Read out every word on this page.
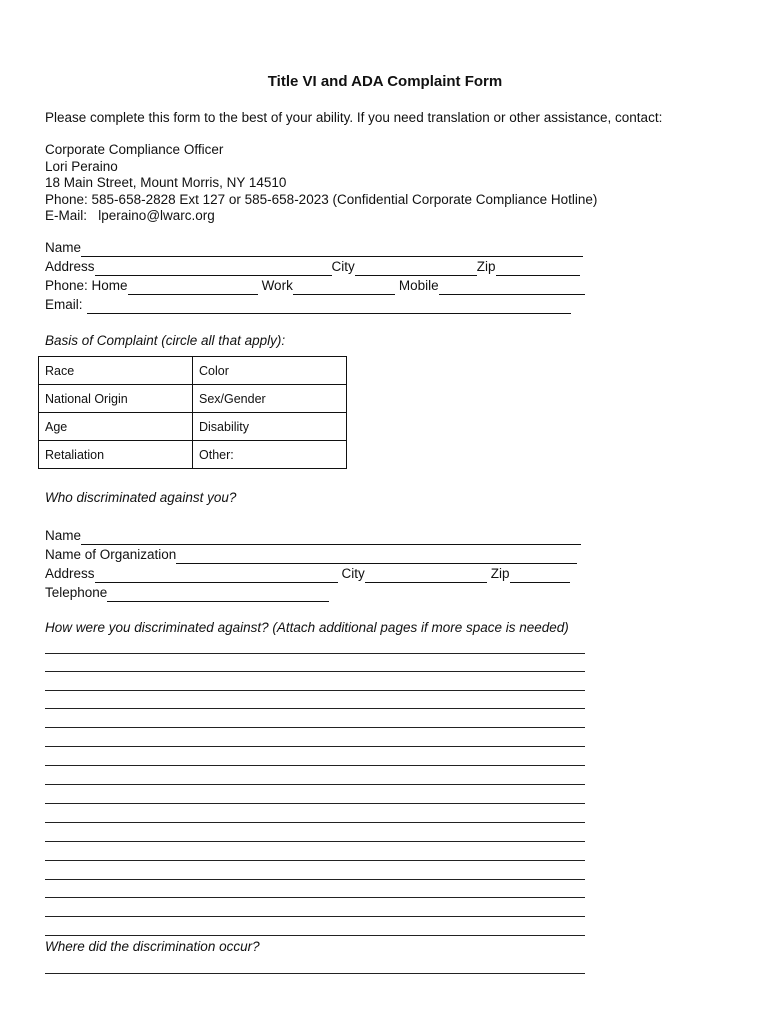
Title VI and ADA Complaint Form
Please complete this form to the best of your ability. If you need translation or other assistance, contact:
Corporate Compliance Officer
Lori Peraino
18 Main Street, Mount Morris, NY 14510
Phone: 585-658-2828 Ext 127 or 585-658-2023 (Confidential Corporate Compliance Hotline)
E-Mail: lperaino@lwarc.org
Name
Address	City	Zip
Phone: Home	Work	Mobile
Email:
Basis of Complaint (circle all that apply):
Race	Color
National Origin	Sex/Gender
Age	Disability
Retaliation	Other:
Who discriminated against you?
Name
Name of Organization
Address	City	Zip
Telephone
How were you discriminated against? (Attach additional pages if more space is needed)
Where did the discrimination occur?
